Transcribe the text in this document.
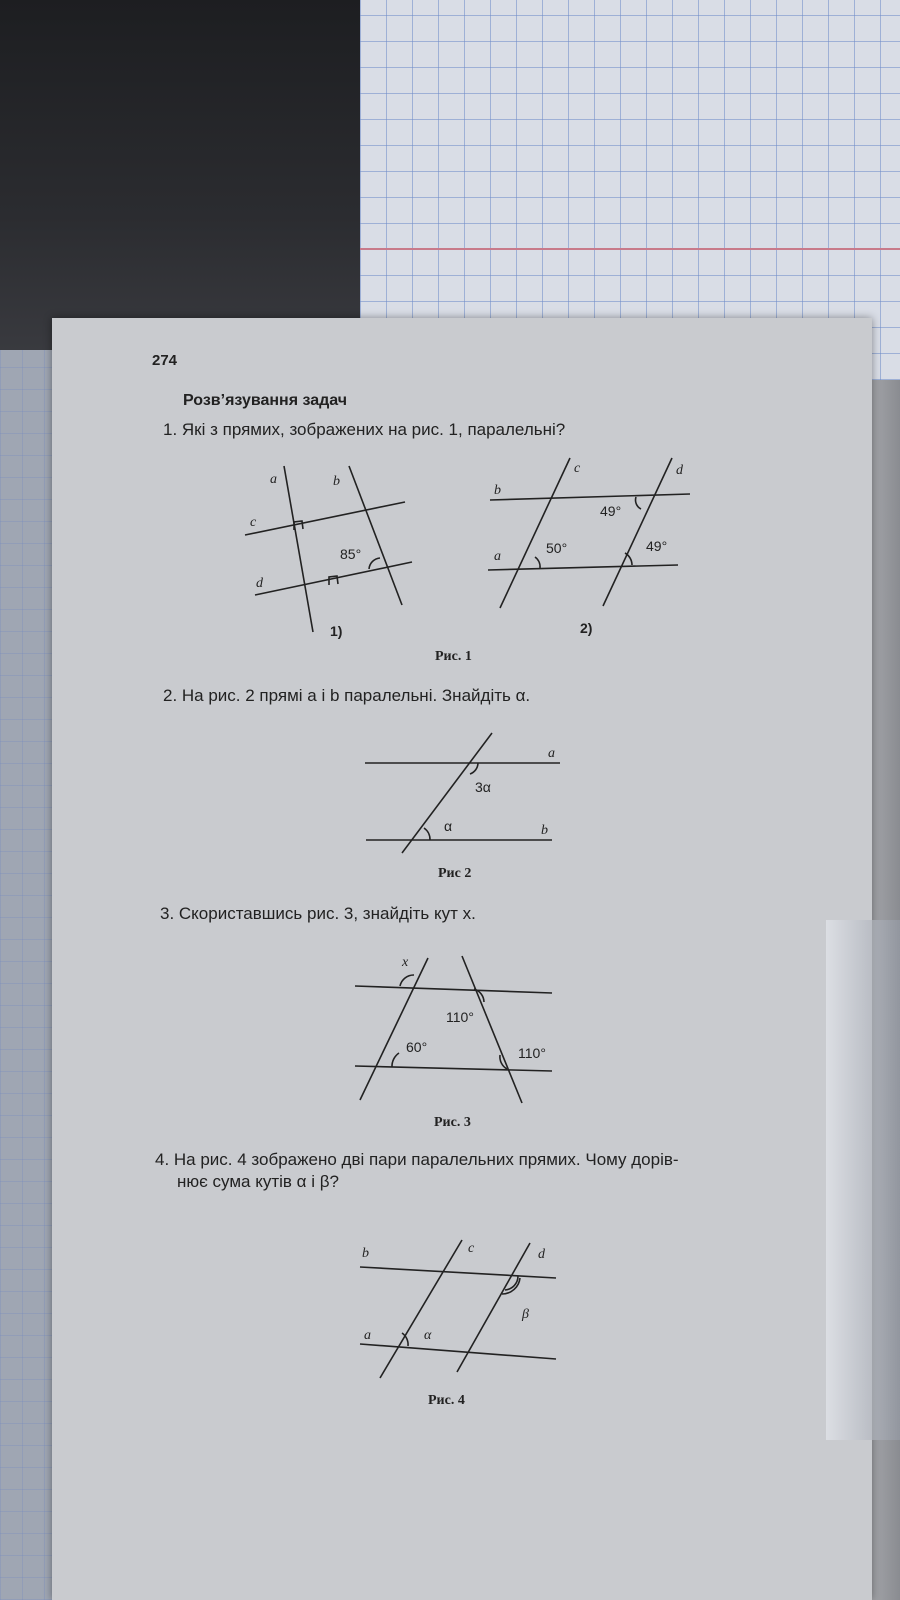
274
Розв’язування задач
1. Які з прямих, зображених на рис. 1, паралельні?
2. На рис. 2 прямі a і b паралельні. Знайдіть α.
3. Скориставшись рис. 3, знайдіть кут x.
4. На рис. 4 зображено дві пари паралельних прямих. Чому дорів-
нює сума кутів α і β?
a	b
c
d
85°
1)
c	d
b
a
49°
50°	49°
2)
Рис. 1
a
b
3α
α
Рис 2
x
110°
60°	110°
Рис. 3
b	c	d
a	α
β
Рис. 4
